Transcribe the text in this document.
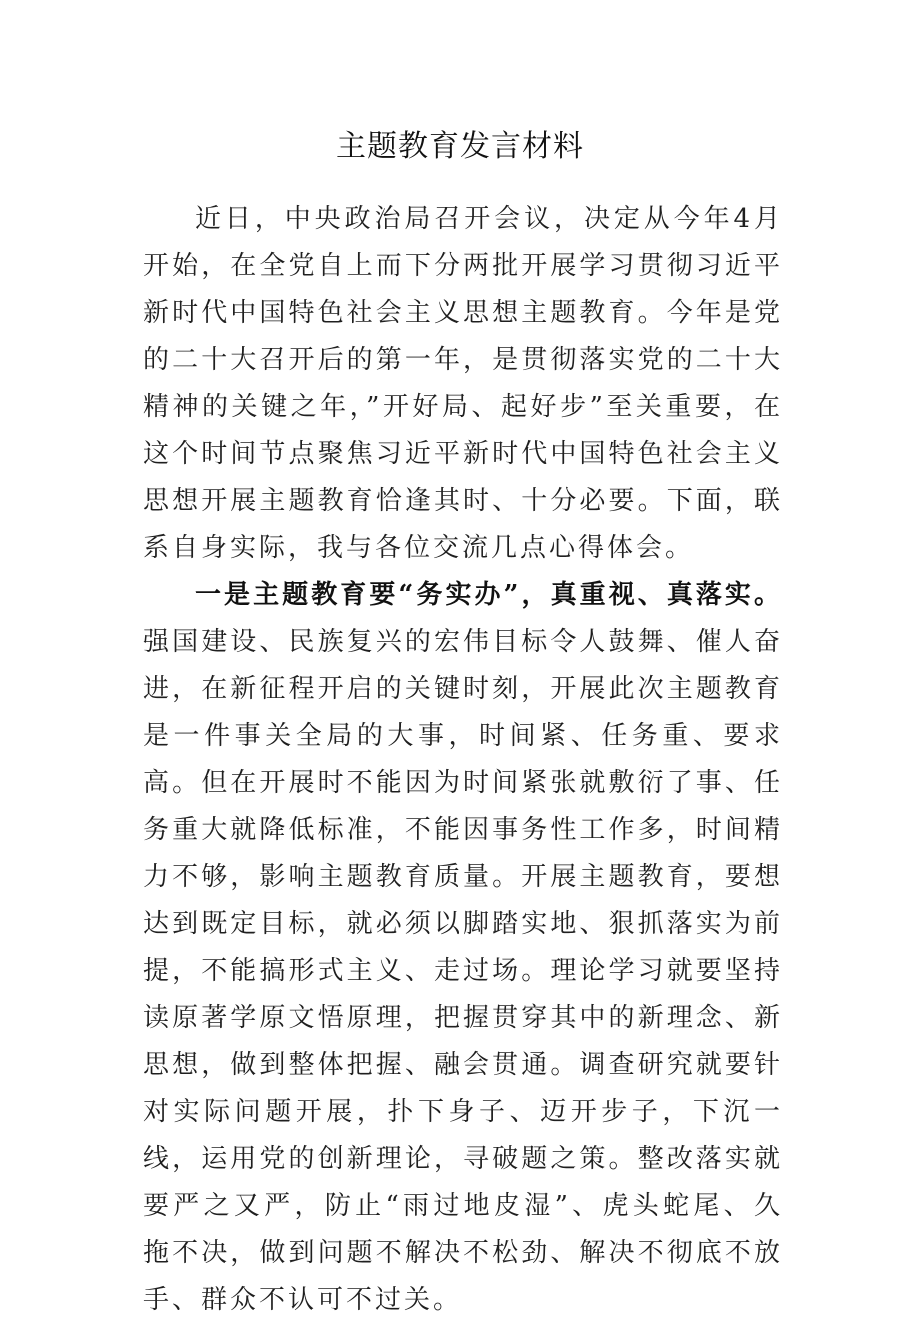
主题教育发言材料

近日，中央政治局召开会议，决定从今年4月开始，在全党自上而下分两批开展学习贯彻习近平新时代中国特色社会主义思想主题教育。今年是党的二十大召开后的第一年，是贯彻落实党的二十大精神的关键之年，”开好局、起好步”至关重要，在这个时间节点聚焦习近平新时代中国特色社会主义思想开展主题教育恰逢其时、十分必要。下面，联系自身实际，我与各位交流几点心得体会。

一是主题教育要“务实办”，真重视、真落实。强国建设、民族复兴的宏伟目标令人鼓舞、催人奋进，在新征程开启的关键时刻，开展此次主题教育是一件事关全局的大事，时间紧、任务重、要求高。但在开展时不能因为时间紧张就敷衍了事、任务重大就降低标准，不能因事务性工作多，时间精力不够，影响主题教育质量。开展主题教育，要想达到既定目标，就必须以脚踏实地、狠抓落实为前提，不能搞形式主义、走过场。理论学习就要坚持读原著学原文悟原理，把握贯穿其中的新理念、新思想，做到整体把握、融会贯通。调查研究就要针对实际问题开展，扑下身子、迈开步子，下沉一线，运用党的创新理论，寻破题之策。整改落实就要严之又严，防止“雨过地皮湿”、虎头蛇尾、久拖不决，做到问题不解决不松劲、解决不彻底不放手、群众不认可不过关。
